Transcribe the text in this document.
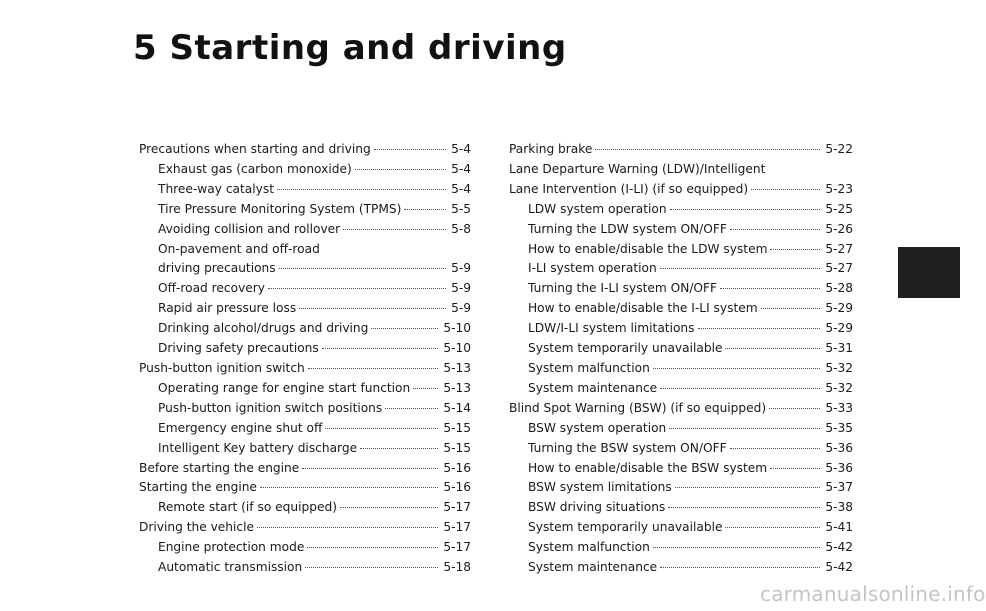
5 Starting and driving
Precautions when starting and driving	5-4
Exhaust gas (carbon monoxide)	5-4
Three-way catalyst	5-4
Tire Pressure Monitoring System (TPMS)	5-5
Avoiding collision and rollover	5-8
On-pavement and off-road
driving precautions	5-9
Off-road recovery	5-9
Rapid air pressure loss	5-9
Drinking alcohol/drugs and driving	5-10
Driving safety precautions	5-10
Push-button ignition switch	5-13
Operating range for engine start function	5-13
Push-button ignition switch positions	5-14
Emergency engine shut off	5-15
Intelligent Key battery discharge	5-15
Before starting the engine	5-16
Starting the engine	5-16
Remote start (if so equipped)	5-17
Driving the vehicle	5-17
Engine protection mode	5-17
Automatic transmission	5-18
Parking brake	5-22
Lane Departure Warning (LDW)/Intelligent
Lane Intervention (I-LI) (if so equipped)	5-23
LDW system operation	5-25
Turning the LDW system ON/OFF	5-26
How to enable/disable the LDW system	5-27
I-LI system operation	5-27
Turning the I-LI system ON/OFF	5-28
How to enable/disable the I-LI system	5-29
LDW/I-LI system limitations	5-29
System temporarily unavailable	5-31
System malfunction	5-32
System maintenance	5-32
Blind Spot Warning (BSW) (if so equipped)	5-33
BSW system operation	5-35
Turning the BSW system ON/OFF	5-36
How to enable/disable the BSW system	5-36
BSW system limitations	5-37
BSW driving situations	5-38
System temporarily unavailable	5-41
System malfunction	5-42
System maintenance	5-42
carmanualsonline.info
